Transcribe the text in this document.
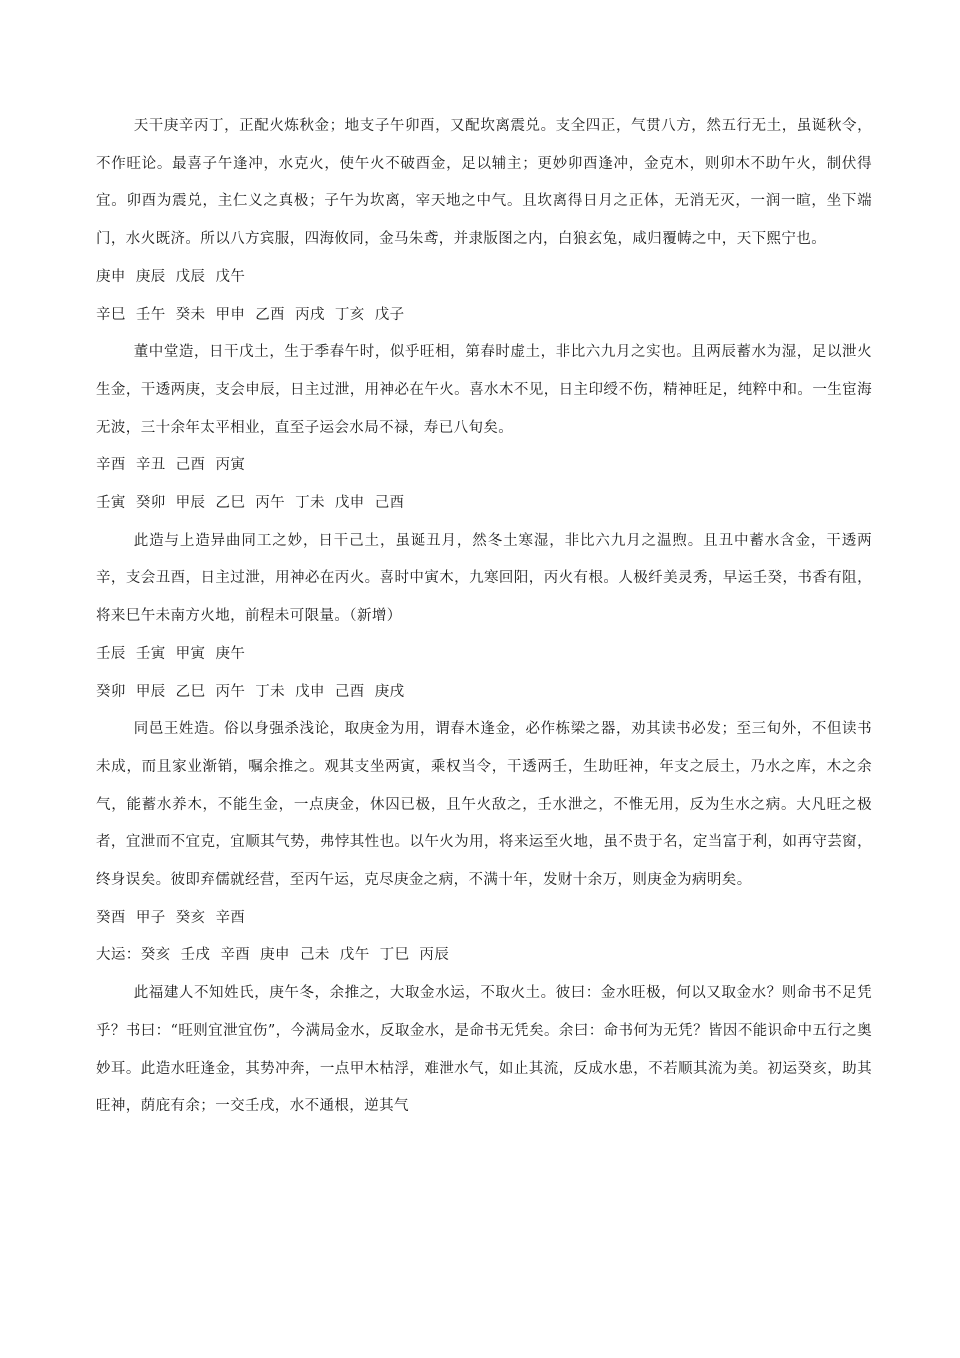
天干庚辛丙丁，正配火炼秋金；地支子午卯酉，又配坎离震兑。支全四正，气贯八方，然五行无土，虽诞秋令，不作旺论。最喜子午逢冲，水克火，使午火不破酉金，足以辅主；更妙卯酉逢冲，金克木，则卯木不助午火，制伏得宜。卯酉为震兑，主仁义之真极；子午为坎离，宰天地之中气。且坎离得日月之正体，无消无灭，一润一暄，坐下端门，水火既济。所以八方宾服，四海攸同，金马朱鸢，并隶版图之内，白狼玄兔，咸归覆帱之中，天下熙宁也。

庚申  庚辰  戊辰  戊午

辛巳  壬午  癸未  甲申  乙酉  丙戌  丁亥  戊子

董中堂造，日干戊土，生于季春午时，似乎旺相，第春时虚土，非比六九月之实也。且两辰蓄水为湿，足以泄火生金，干透两庚，支会申辰，日主过泄，用神必在午火。喜水木不见，日主印绶不伤，精神旺足，纯粹中和。一生宦海无波，三十余年太平相业，直至子运会水局不禄，寿已八旬矣。

辛酉  辛丑  己酉  丙寅

壬寅  癸卯  甲辰  乙巳  丙午  丁未  戊申  己酉

此造与上造异曲同工之妙，日干己土，虽诞丑月，然冬土寒湿，非比六九月之温煦。且丑中蓄水含金，干透两辛，支会丑酉，日主过泄，用神必在丙火。喜时中寅木，九寒回阳，丙火有根。人极纤美灵秀，早运壬癸，书香有阻，将来巳午未南方火地，前程未可限量。（新增）

壬辰  壬寅  甲寅  庚午

癸卯  甲辰  乙巳  丙午  丁未  戊申  己酉  庚戌

同邑王姓造。俗以身强杀浅论，取庚金为用，谓春木逢金，必作栋梁之器，劝其读书必发；至三旬外，不但读书未成，而且家业渐销，嘱余推之。观其支坐两寅，乘权当令，干透两壬，生助旺神，年支之辰土，乃水之库，木之余气，能蓄水养木，不能生金，一点庚金，休囚已极，且午火敌之，壬水泄之，不惟无用，反为生水之病。大凡旺之极者，宜泄而不宜克，宜顺其气势，弗悖其性也。以午火为用，将来运至火地，虽不贵于名，定当富于利，如再守芸窗，终身误矣。彼即弃儒就经营，至丙午运，克尽庚金之病，不满十年，发财十余万，则庚金为病明矣。

癸酉  甲子  癸亥  辛酉

大运：癸亥  壬戌  辛酉  庚申  己未  戊午  丁巳  丙辰

此福建人不知姓氏，庚午冬，余推之，大取金水运，不取火土。彼曰：金水旺极，何以又取金水？则命书不足凭乎？书曰：“旺则宜泄宜伤”，今满局金水，反取金水，是命书无凭矣。余曰：命书何为无凭？皆因不能识命中五行之奥妙耳。此造水旺逢金，其势冲奔，一点甲木枯浮，难泄水气，如止其流，反成水患，不若顺其流为美。初运癸亥，助其旺神，荫庇有余；一交壬戌，水不通根，逆其气
